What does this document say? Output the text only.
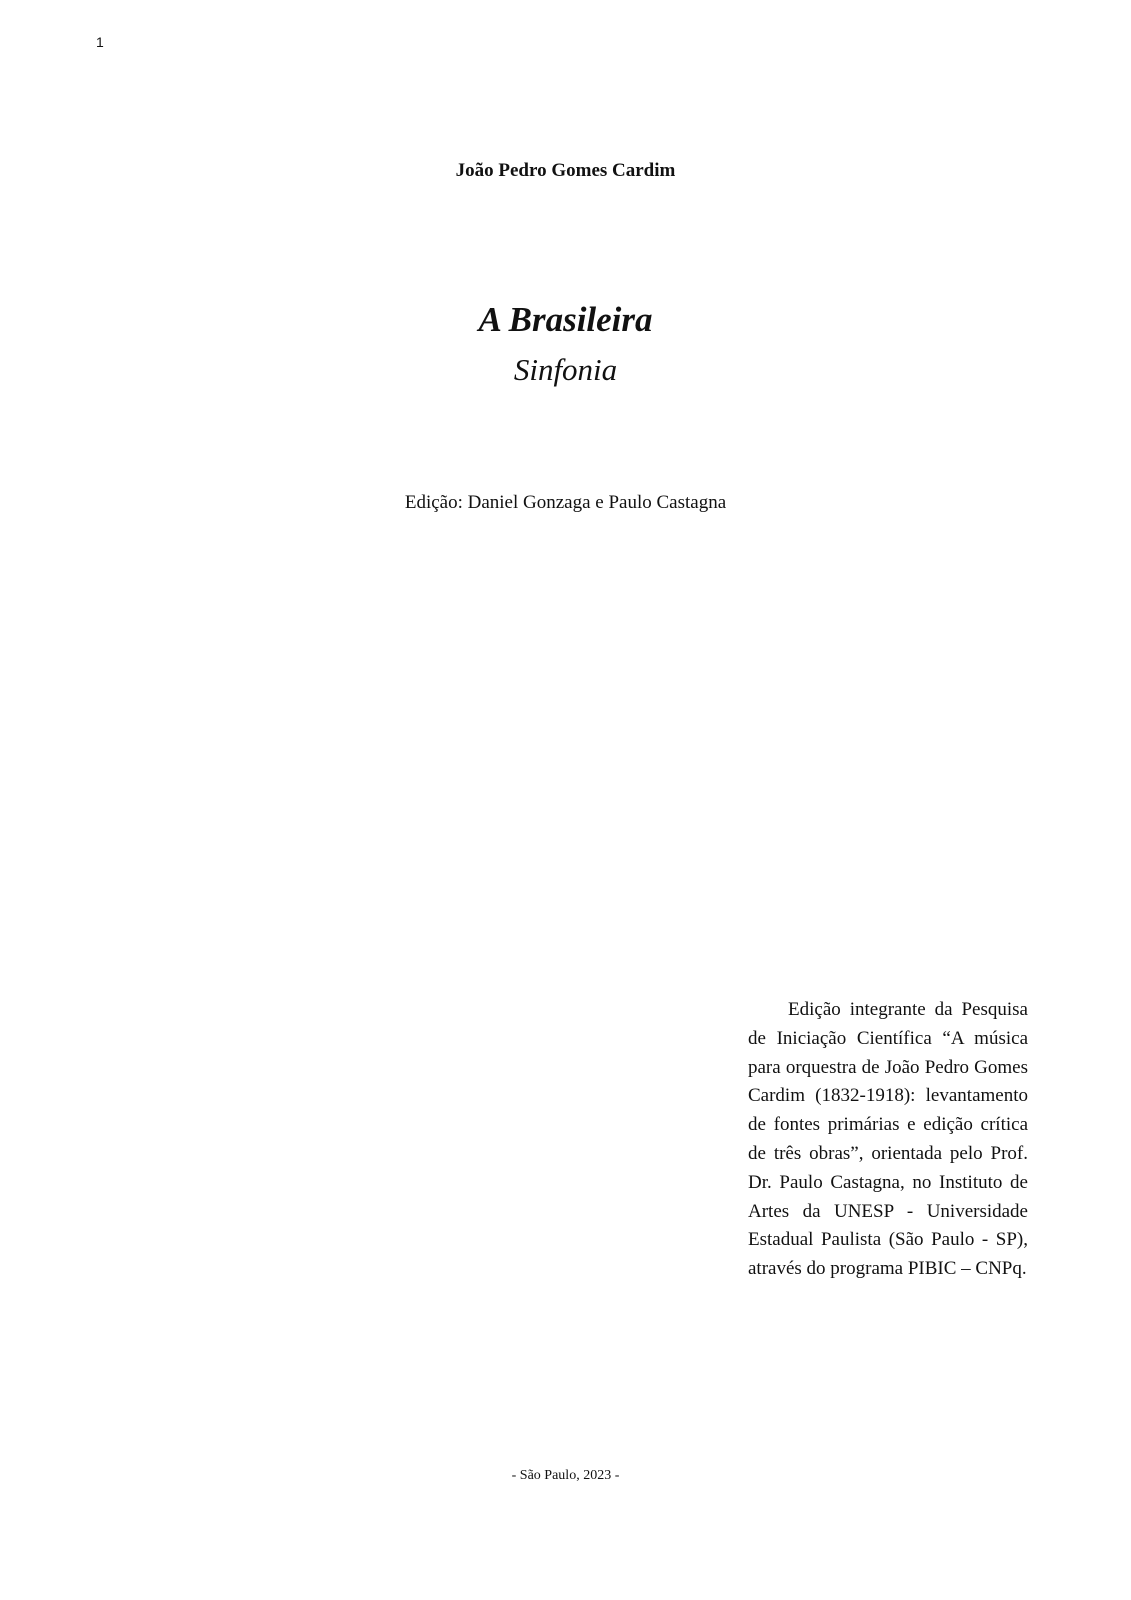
1
João Pedro Gomes Cardim
A Brasileira
Sinfonia
Edição: Daniel Gonzaga e Paulo Castagna

Edição integrante da Pesquisa de Iniciação Científica “A música para orquestra de João Pedro Gomes Cardim (1832-1918): levantamento de fontes primárias e edição crítica de três obras”, orientada pelo Prof. Dr. Paulo Castagna, no Instituto de Artes da UNESP - Universidade Estadual Paulista (São Paulo - SP), através do programa PIBIC – CNPq.

- São Paulo, 2023 -
